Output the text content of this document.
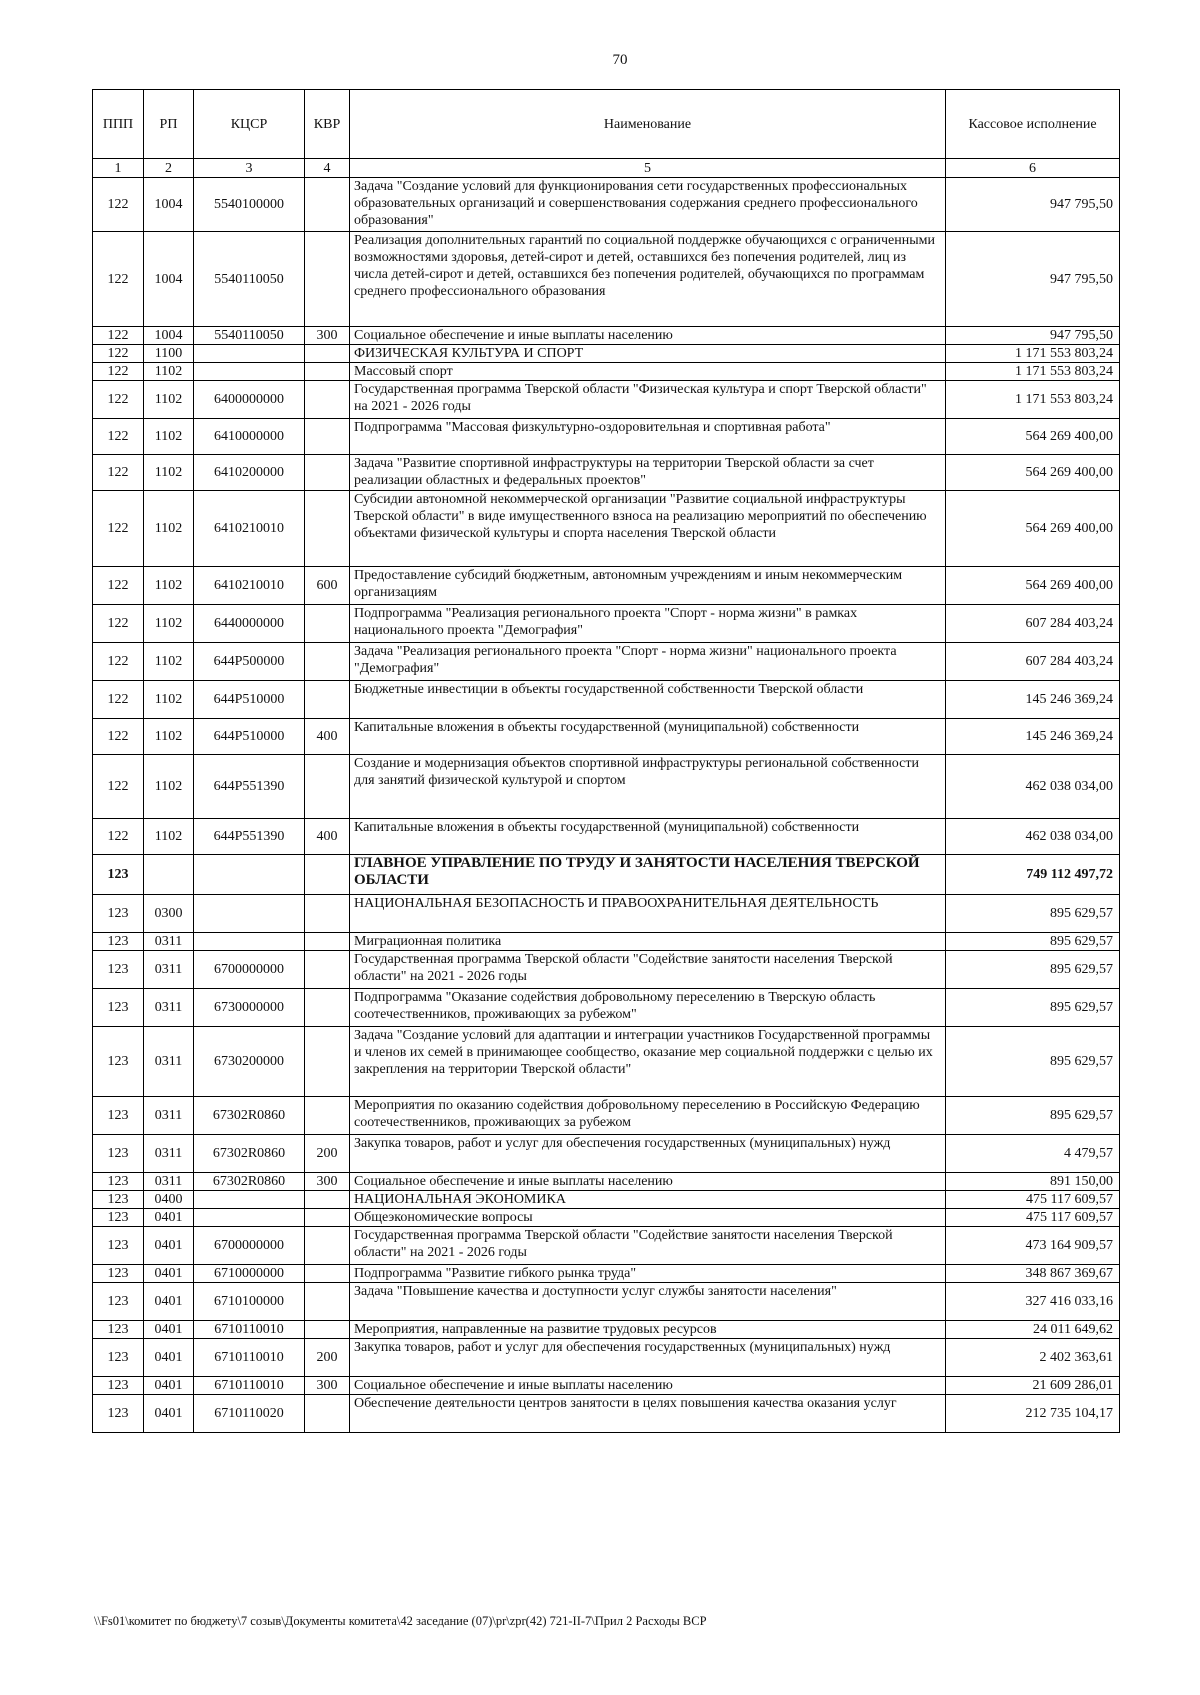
70
ППП	РП	КЦСР	КВР	Наименование	Кассовое исполнение
1	2	3	4	5	6
122	1004	5540100000		Задача "Создание условий для функционирования сети государственных профессиональных образовательных организаций и совершенствования содержания среднего профессионального образования"	947 795,50
122	1004	5540110050		Реализация дополнительных гарантий по социальной поддержке обучающихся с ограниченными возможностями здоровья, детей-сирот и детей, оставшихся без попечения родителей, лиц из числа детей-сирот и детей, оставшихся без попечения родителей, обучающихся по программам среднего профессионального образования	947 795,50
122	1004	5540110050	300	Социальное обеспечение и иные выплаты населению	947 795,50
122	1100			ФИЗИЧЕСКАЯ КУЛЬТУРА И СПОРТ	1 171 553 803,24
122	1102			Массовый спорт	1 171 553 803,24
122	1102	6400000000		Государственная программа Тверской области "Физическая культура и спорт Тверской области" на 2021 - 2026 годы	1 171 553 803,24
122	1102	6410000000		Подпрограмма "Массовая физкультурно-оздоровительная и спортивная работа"	564 269 400,00
122	1102	6410200000		Задача "Развитие спортивной инфраструктуры на территории Тверской области за счет реализации областных и федеральных проектов"	564 269 400,00
122	1102	6410210010		Субсидии автономной некоммерческой организации "Развитие социальной инфраструктуры Тверской области" в виде имущественного взноса на реализацию мероприятий по обеспечению объектами физической культуры и спорта населения Тверской области	564 269 400,00
122	1102	6410210010	600	Предоставление субсидий бюджетным, автономным учреждениям и иным некоммерческим организациям	564 269 400,00
122	1102	6440000000		Подпрограмма "Реализация регионального проекта "Спорт - норма жизни" в рамках национального проекта "Демография"	607 284 403,24
122	1102	644P500000		Задача "Реализация регионального проекта "Спорт - норма жизни" национального проекта "Демография"	607 284 403,24
122	1102	644P510000		Бюджетные инвестиции в объекты государственной собственности Тверской области	145 246 369,24
122	1102	644P510000	400	Капитальные вложения в объекты государственной (муниципальной) собственности	145 246 369,24
122	1102	644P551390		Создание и модернизация объектов спортивной инфраструктуры региональной собственности для занятий физической культурой и спортом	462 038 034,00
122	1102	644P551390	400	Капитальные вложения в объекты государственной (муниципальной) собственности	462 038 034,00
123				ГЛАВНОЕ УПРАВЛЕНИЕ ПО ТРУДУ И ЗАНЯТОСТИ НАСЕЛЕНИЯ ТВЕРСКОЙ ОБЛАСТИ	749 112 497,72
123	0300			НАЦИОНАЛЬНАЯ БЕЗОПАСНОСТЬ И ПРАВООХРАНИТЕЛЬНАЯ ДЕЯТЕЛЬНОСТЬ	895 629,57
123	0311			Миграционная политика	895 629,57
123	0311	6700000000		Государственная программа Тверской области "Содействие занятости населения Тверской области" на 2021 - 2026 годы	895 629,57
123	0311	6730000000		Подпрограмма "Оказание содействия добровольному переселению в Тверскую область соотечественников, проживающих за рубежом"	895 629,57
123	0311	6730200000		Задача "Создание условий для адаптации и интеграции участников Государственной программы и членов их семей в принимающее сообщество, оказание мер социальной поддержки с целью их закрепления на территории Тверской области"	895 629,57
123	0311	67302R0860		Мероприятия по оказанию содействия добровольному переселению в Российскую Федерацию соотечественников, проживающих за рубежом	895 629,57
123	0311	67302R0860	200	Закупка товаров, работ и услуг для обеспечения государственных (муниципальных) нужд	4 479,57
123	0311	67302R0860	300	Социальное обеспечение и иные выплаты населению	891 150,00
123	0400			НАЦИОНАЛЬНАЯ ЭКОНОМИКА	475 117 609,57
123	0401			Общеэкономические вопросы	475 117 609,57
123	0401	6700000000		Государственная программа Тверской области "Содействие занятости населения Тверской области" на 2021 - 2026 годы	473 164 909,57
123	0401	6710000000		Подпрограмма "Развитие гибкого рынка труда"	348 867 369,67
123	0401	6710100000		Задача "Повышение качества и доступности услуг службы занятости населения"	327 416 033,16
123	0401	6710110010		Мероприятия, направленные на развитие трудовых ресурсов	24 011 649,62
123	0401	6710110010	200	Закупка товаров, работ и услуг для обеспечения государственных (муниципальных) нужд	2 402 363,61
123	0401	6710110010	300	Социальное обеспечение и иные выплаты населению	21 609 286,01
123	0401	6710110020		Обеспечение деятельности центров занятости в целях повышения качества оказания услуг	212 735 104,17
\\Fs01\комитет по бюджету\7 созыв\Документы комитета\42 заседание (07)\pr\zpr(42) 721-II-7\Прил 2 Расходы ВСР
